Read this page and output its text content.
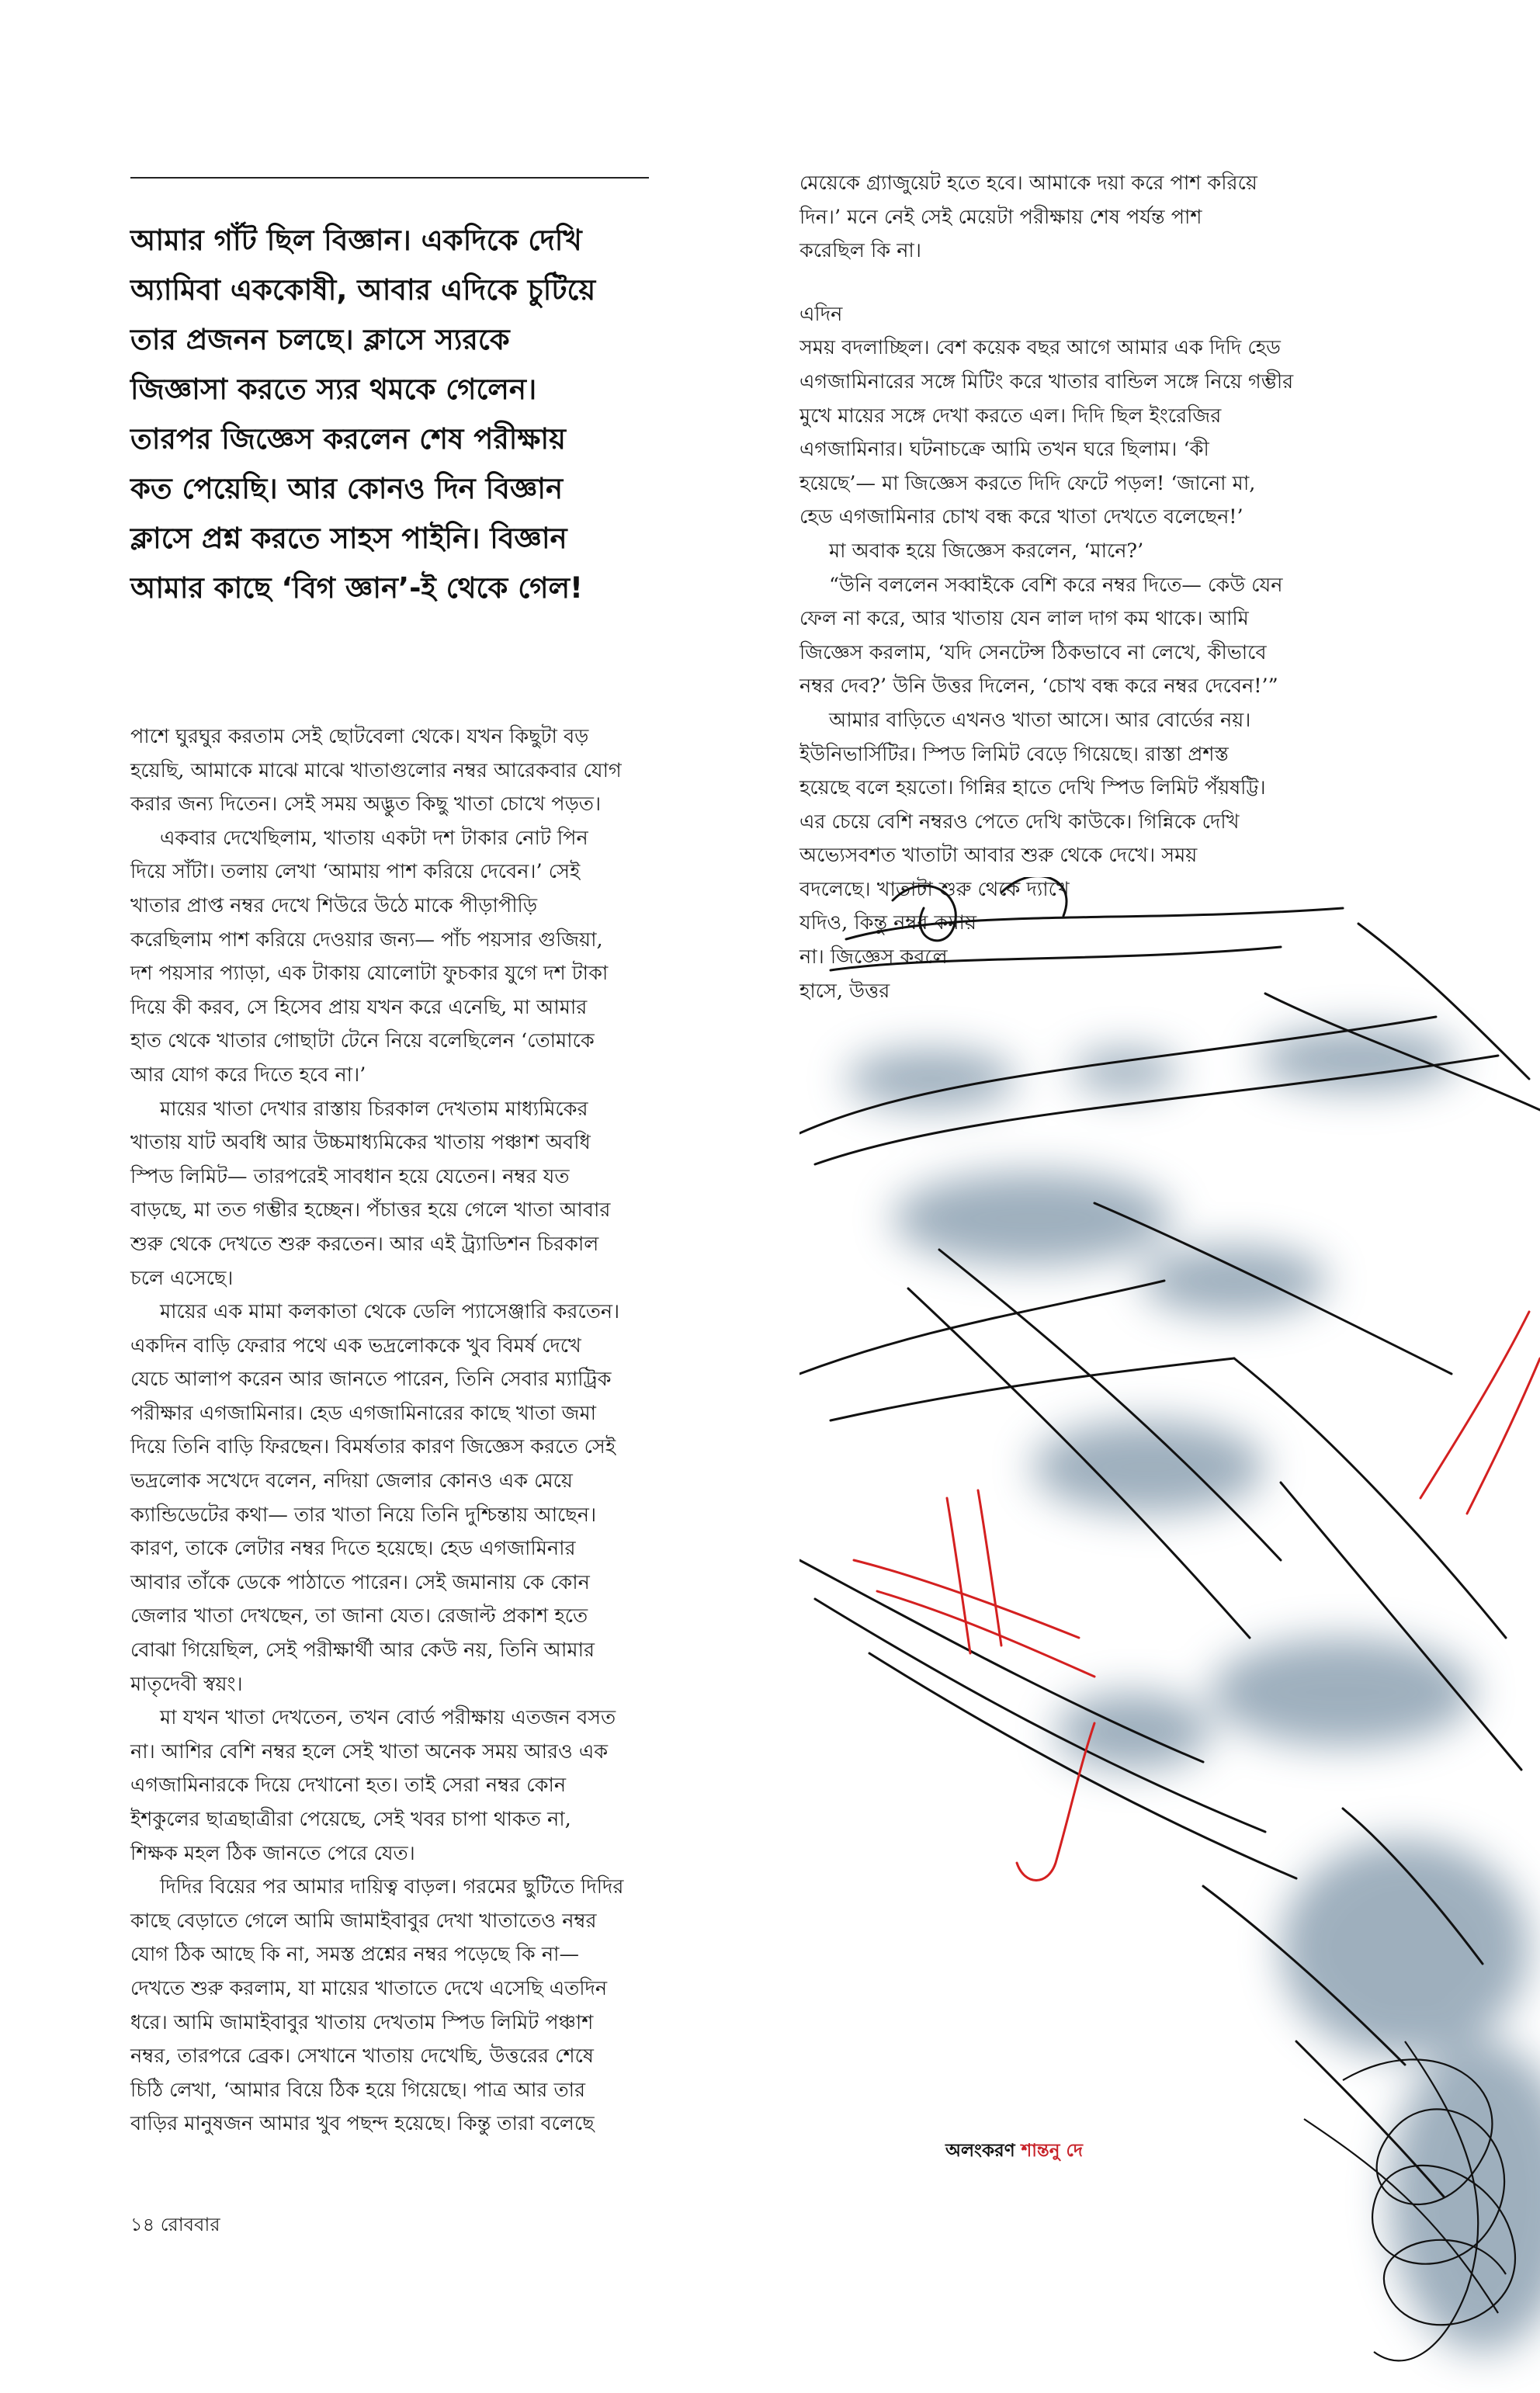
আমার গাঁট ছিল বিজ্ঞান। একদিকে দেখি
অ্যামিবা এককোষী, আবার এদিকে চুটিয়ে
তার প্রজনন চলছে। ক্লাসে স্যরকে
জিজ্ঞাসা করতে স্যর থমকে গেলেন।
তারপর জিজ্ঞেস করলেন শেষ পরীক্ষায়
কত পেয়েছি। আর কোনও দিন বিজ্ঞান
ক্লাসে প্রশ্ন করতে সাহস পাইনি। বিজ্ঞান
আমার কাছে ‘বিগ জ্ঞান’-ই থেকে গেল!
পাশে ঘুরঘুর করতাম সেই ছোটবেলা থেকে। যখন কিছুটা বড়
হয়েছি, আমাকে মাঝে মাঝে খাতাগুলোর নম্বর আরেকবার যোগ
করার জন্য দিতেন। সেই সময় অদ্ভুত কিছু খাতা চোখে পড়ত।
একবার দেখেছিলাম, খাতায় একটা দশ টাকার নোট পিন
দিয়ে সাঁটা। তলায় লেখা ‘আমায় পাশ করিয়ে দেবেন।’ সেই
খাতার প্রাপ্ত নম্বর দেখে শিউরে উঠে মাকে পীড়াপীড়ি
করেছিলাম পাশ করিয়ে দেওয়ার জন্য— পাঁচ পয়সার গুজিয়া,
দশ পয়সার প্যাড়া, এক টাকায় যোলোটা ফুচকার যুগে দশ টাকা
দিয়ে কী করব, সে হিসেব প্রায় যখন করে এনেছি, মা আমার
হাত থেকে খাতার গোছাটা টেনে নিয়ে বলেছিলেন ‘তোমাকে
আর যোগ করে দিতে হবে না।’
মায়ের খাতা দেখার রাস্তায় চিরকাল দেখতাম মাধ্যমিকের
খাতায় যাট অবধি আর উচ্চমাধ্যমিকের খাতায় পঞ্চাশ অবধি
স্পিড লিমিট— তারপরেই সাবধান হয়ে যেতেন। নম্বর যত
বাড়ছে, মা তত গম্ভীর হচ্ছেন। পঁচাত্তর হয়ে গেলে খাতা আবার
শুরু থেকে দেখতে শুরু করতেন। আর এই ট্র্যাডিশন চিরকাল
চলে এসেছে।
মায়ের এক মামা কলকাতা থেকে ডেলি প্যাসেঞ্জারি করতেন।
একদিন বাড়ি ফেরার পথে এক ভদ্রলোককে খুব বিমর্ষ দেখে
যেচে আলাপ করেন আর জানতে পারেন, তিনি সেবার ম্যাট্রিক
পরীক্ষার এগজামিনার। হেড এগজামিনারের কাছে খাতা জমা
দিয়ে তিনি বাড়ি ফিরছেন। বিমর্ষতার কারণ জিজ্ঞেস করতে সেই
ভদ্রলোক সখেদে বলেন, নদিয়া জেলার কোনও এক মেয়ে
ক্যান্ডিডেটের কথা— তার খাতা নিয়ে তিনি দুশ্চিন্তায় আছেন।
কারণ, তাকে লেটার নম্বর দিতে হয়েছে। হেড এগজামিনার
আবার তাঁকে ডেকে পাঠাতে পারেন। সেই জমানায় কে কোন
জেলার খাতা দেখছেন, তা জানা যেত। রেজাল্ট প্রকাশ হতে
বোঝা গিয়েছিল, সেই পরীক্ষার্থী আর কেউ নয়, তিনি আমার
মাতৃদেবী স্বয়ং।
মা যখন খাতা দেখতেন, তখন বোর্ড পরীক্ষায় এতজন বসত
না। আশির বেশি নম্বর হলে সেই খাতা অনেক সময় আরও এক
এগজামিনারকে দিয়ে দেখানো হত। তাই সেরা নম্বর কোন
ইশকুলের ছাত্রছাত্রীরা পেয়েছে, সেই খবর চাপা থাকত না,
শিক্ষক মহল ঠিক জানতে পেরে যেত।
দিদির বিয়ের পর আমার দায়িত্ব বাড়ল। গরমের ছুটিতে দিদির
কাছে বেড়াতে গেলে আমি জামাইবাবুর দেখা খাতাতেও নম্বর
যোগ ঠিক আছে কি না, সমস্ত প্রশ্নের নম্বর পড়েছে কি না—
দেখতে শুরু করলাম, যা মায়ের খাতাতে দেখে এসেছি এতদিন
ধরে। আমি জামাইবাবুর খাতায় দেখতাম স্পিড লিমিট পঞ্চাশ
নম্বর, তারপরে ব্রেক। সেখানে খাতায় দেখেছি, উত্তরের শেষে
চিঠি লেখা, ‘আমার বিয়ে ঠিক হয়ে গিয়েছে। পাত্র আর তার
বাড়ির মানুষজন আমার খুব পছন্দ হয়েছে। কিন্তু তারা বলেছে
মেয়েকে গ্র্যাজুয়েট হতে হবে। আমাকে দয়া করে পাশ করিয়ে
দিন।’ মনে নেই সেই মেয়েটা পরীক্ষায় শেষ পর্যন্ত পাশ
করেছিল কি না।
এদিন
সময় বদলাচ্ছিল। বেশ কয়েক বছর আগে আমার এক দিদি হেড
এগজামিনারের সঙ্গে মিটিং করে খাতার বান্ডিল সঙ্গে নিয়ে গম্ভীর
মুখে মায়ের সঙ্গে দেখা করতে এল। দিদি ছিল ইংরেজির
এগজামিনার। ঘটনাচক্রে আমি তখন ঘরে ছিলাম। ‘কী
হয়েছে’— মা জিজ্ঞেস করতে দিদি ফেটে পড়ল! ‘জানো মা,
হেড এগজামিনার চোখ বন্ধ করে খাতা দেখতে বলেছেন!’
মা অবাক হয়ে জিজ্ঞেস করলেন, ‘মানে?’
“উনি বললেন সব্বাইকে বেশি করে নম্বর দিতে— কেউ যেন
ফেল না করে, আর খাতায় যেন লাল দাগ কম থাকে। আমি
জিজ্ঞেস করলাম, ‘যদি সেনটেন্স ঠিকভাবে না লেখে, কীভাবে
নম্বর দেব?’ উনি উত্তর দিলেন, ‘চোখ বন্ধ করে নম্বর দেবেন!’”
আমার বাড়িতে এখনও খাতা আসে। আর বোর্ডের নয়।
ইউনিভার্সিটির। স্পিড লিমিট বেড়ে গিয়েছে। রাস্তা প্রশস্ত
হয়েছে বলে হয়তো। গিন্নির হাতে দেখি স্পিড লিমিট পঁয়ষট্টি।
এর চেয়ে বেশি নম্বরও পেতে দেখি কাউকে। গিন্নিকে দেখি
অভ্যেসবশত খাতাটা আবার শুরু থেকে দেখে। সময়
বদলেছে। খাতাটা শুরু থেকে দ্যাখে
যদিও, কিন্তু নম্বর কমায়
না। জিজ্ঞেস করলে
হাসে, উত্তর
অলংকরণ শান্তনু দে
১৪ রোববার
